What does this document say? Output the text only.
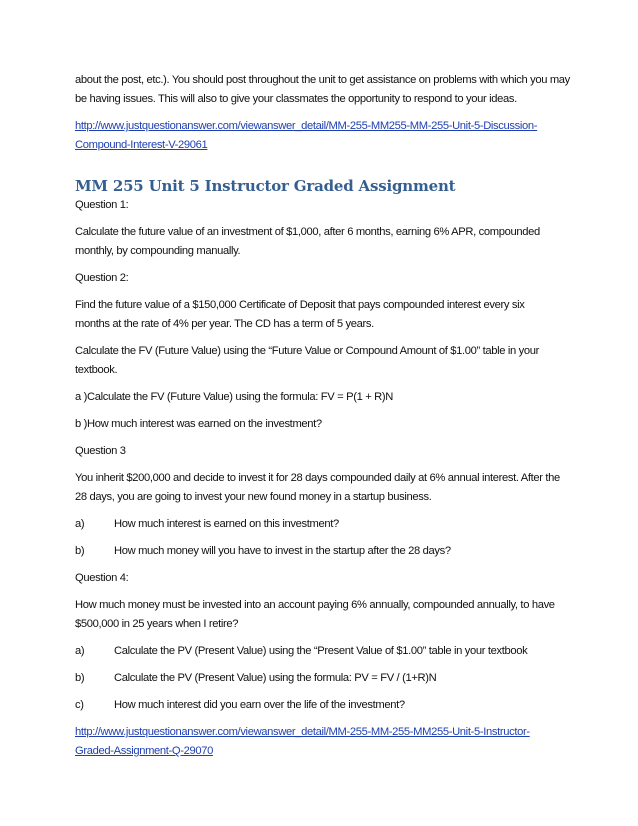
about the post, etc.). You should post throughout the unit to get assistance on problems with which you may be having issues. This will also to give your classmates the opportunity to respond to your ideas.

http://www.justquestionanswer.com/viewanswer_detail/MM-255-MM255-MM-255-Unit-5-Discussion-Compound-Interest-V-29061

MM 255 Unit 5 Instructor Graded Assignment

Question 1:

Calculate the future value of an investment of $1,000, after 6 months, earning 6% APR, compounded monthly, by compounding manually.

Question 2:

Find the future value of a $150,000 Certificate of Deposit that pays compounded interest every six months at the rate of 4% per year. The CD has a term of 5 years.

Calculate the FV (Future Value) using the “Future Value or Compound Amount of $1.00” table in your textbook.

a )Calculate the FV (Future Value) using the formula: FV = P(1 + R)N

b )How much interest was earned on the investment?

Question 3

You inherit $200,000 and decide to invest it for 28 days compounded daily at 6% annual interest. After the 28 days, you are going to invest your new found money in a startup business.

a)	How much interest is earned on this investment?

b)	How much money will you have to invest in the startup after the 28 days?

Question 4:

How much money must be invested into an account paying 6% annually, compounded annually, to have $500,000 in 25 years when I retire?

a)	Calculate the PV (Present Value) using the “Present Value of $1.00” table in your textbook

b)	Calculate the PV (Present Value) using the formula: PV = FV / (1+R)N

c)	How much interest did you earn over the life of the investment?

http://www.justquestionanswer.com/viewanswer_detail/MM-255-MM-255-MM255-Unit-5-Instructor-Graded-Assignment-Q-29070
